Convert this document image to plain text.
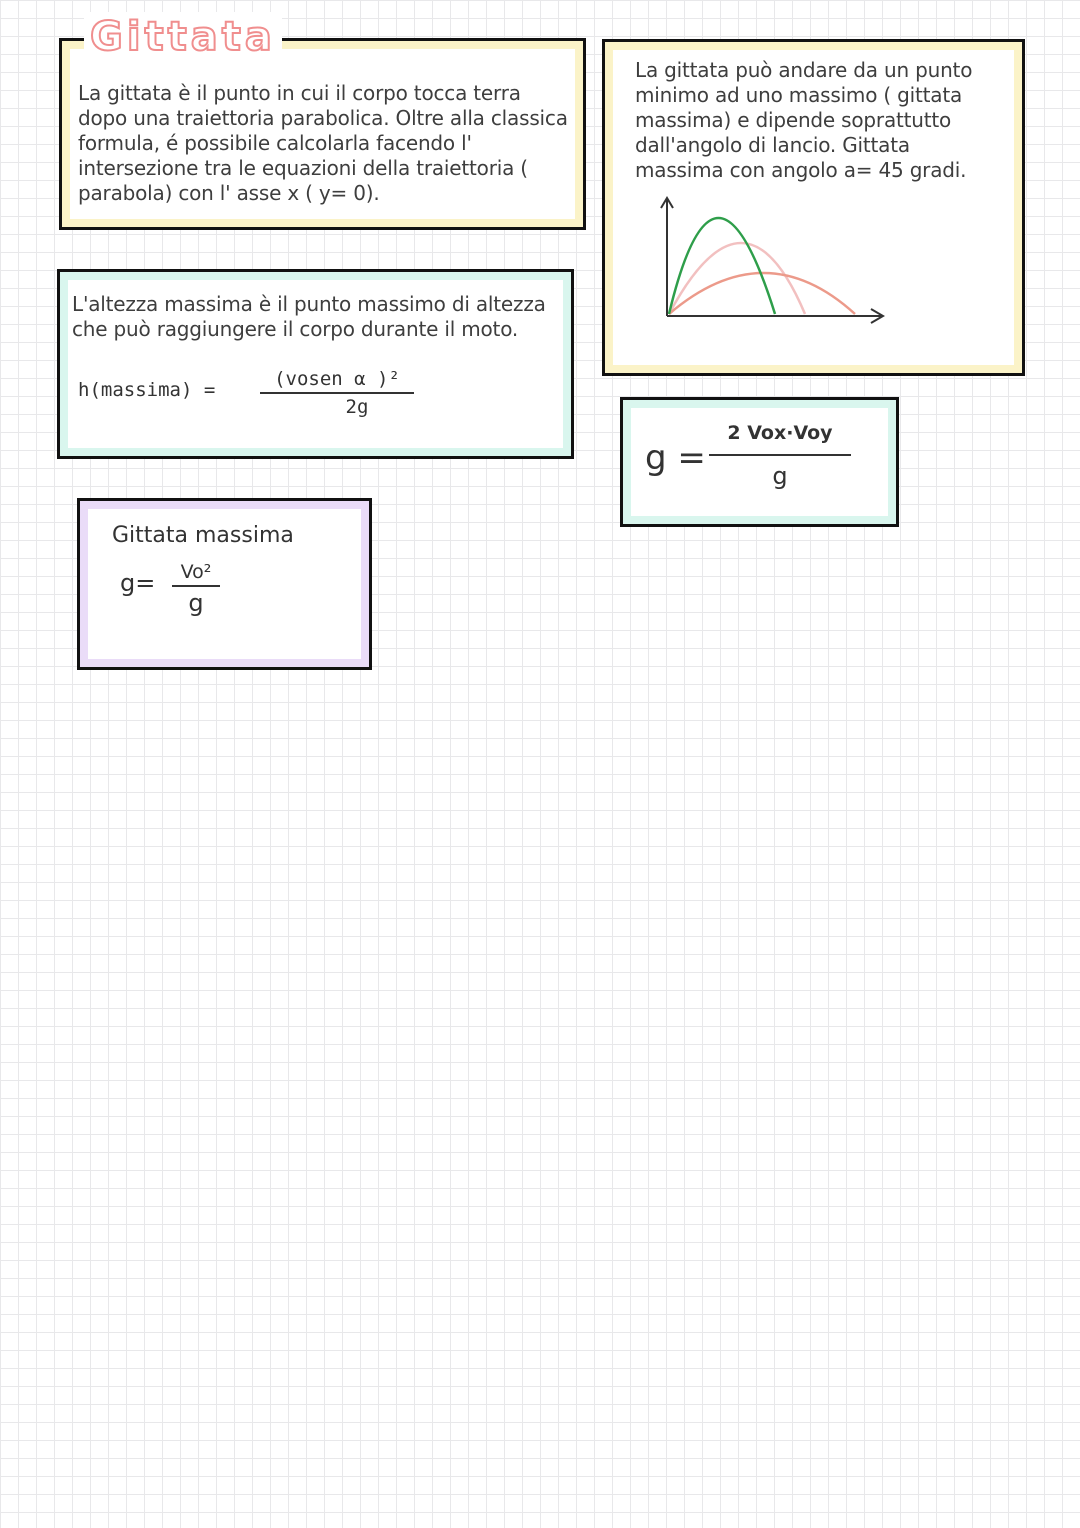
La gittata è il punto in cui il corpo tocca terra dopo una traiettoria parabolica. Oltre alla classica formula, é possibile calcolarla facendo l' intersezione tra le equazioni della traiettoria ( parabola) con l' asse x ( y= 0).
Gittata
La gittata può andare da un punto minimo ad uno massimo ( gittata massima) e dipende soprattutto dall'angolo di lancio. Gittata massima con angolo a= 45 gradi.
L'altezza massima è il punto massimo di altezza che può raggiungere il corpo durante il moto.
h(massima) =	(vosen α )²
2g
g =
2 Vox·Voy
g
Gittata massima
g=	Vo²
g
